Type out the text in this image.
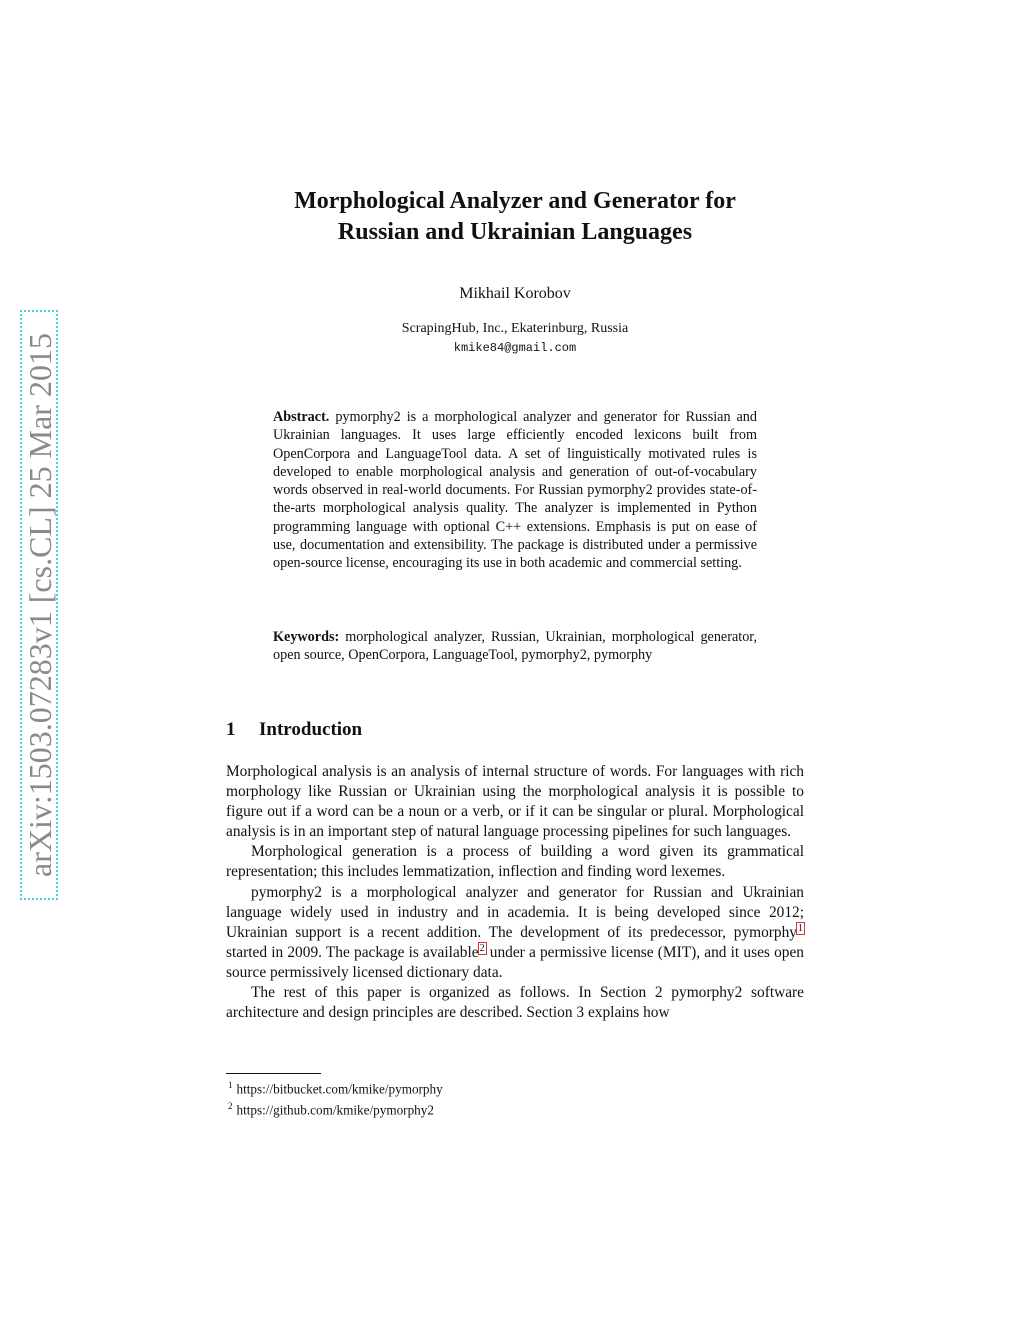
arXiv:1503.07283v1 [cs.CL] 25 Mar 2015
Morphological Analyzer and Generator for
Russian and Ukrainian Languages
Mikhail Korobov
ScrapingHub, Inc., Ekaterinburg, Russia
kmike84@gmail.com
Abstract. pymorphy2 is a morphological analyzer and generator for Russian and Ukrainian languages. It uses large efficiently encoded lexicons built from OpenCorpora and LanguageTool data. A set of linguistically motivated rules is developed to enable morphological analysis and generation of out-of-vocabulary words observed in real-world documents. For Russian pymorphy2 provides state-of-the-arts morphological analysis quality. The analyzer is implemented in Python programming language with optional C++ extensions. Emphasis is put on ease of use, documentation and extensibility. The package is distributed under a permissive open-source license, encouraging its use in both academic and commercial setting.
Keywords: morphological analyzer, Russian, Ukrainian, morphological generator, open source, OpenCorpora, LanguageTool, pymorphy2, pymorphy
1 Introduction

Morphological analysis is an analysis of internal structure of words. For languages with rich morphology like Russian or Ukrainian using the morphological analysis it is possible to figure out if a word can be a noun or a verb, or if it can be singular or plural. Morphological analysis is in an important step of natural language processing pipelines for such languages.

Morphological generation is a process of building a word given its grammatical representation; this includes lemmatization, inflection and finding word lexemes.

pymorphy2 is a morphological analyzer and generator for Russian and Ukrainian language widely used in industry and in academia. It is being developed since 2012; Ukrainian support is a recent addition. The development of its predecessor, pymorphy$^1$ started in 2009. The package is available$^2$ under a permissive license (MIT), and it uses open source permissively licensed dictionary data.

The rest of this paper is organized as follows. In Section 2 pymorphy2 software architecture and design principles are described. Section 3 explains how

$^1$ https://bitbucket.com/kmike/pymorphy
$^2$ https://github.com/kmike/pymorphy2
